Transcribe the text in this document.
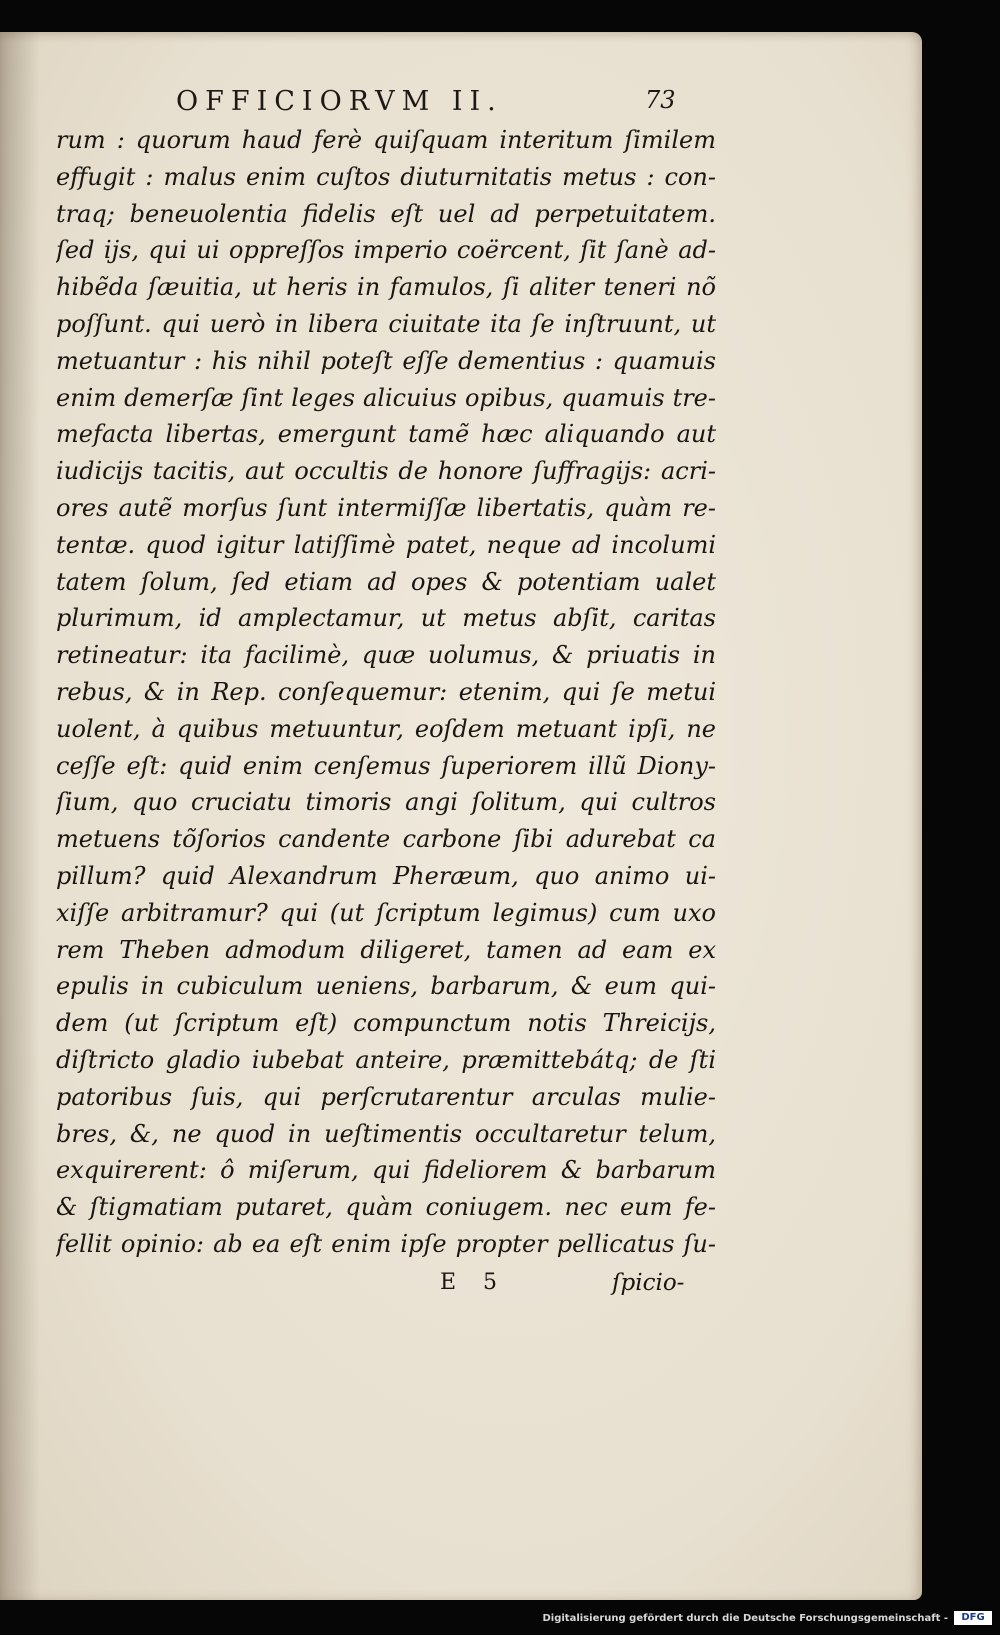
OFFICIORVM II.	73
rum : quorum haud ferè quiſquam interitum ſimilem
effugit : malus enim cuſtos diuturnitatis metus : con-
traq; beneuolentia fidelis eſt uel ad perpetuitatem.
ſed ijs, qui ui oppreſſos imperio coërcent, ſit ſanè ad-
hibẽda ſæuitia, ut heris in famulos, ſi aliter teneri nõ
poſſunt. qui uerò in libera ciuitate ita ſe inſtruunt, ut
metuantur : his nihil poteſt eſſe dementius : quamuis
enim demerſæ ſint leges alicuius opibus, quamuis tre-
mefacta libertas, emergunt tamẽ hæc aliquando aut
iudicijs tacitis, aut occultis de honore ſuffragijs: acri-
ores autẽ morſus ſunt intermiſſæ libertatis, quàm re-
tentæ. quod igitur latiſſimè patet, neque ad incolumi
tatem ſolum, ſed etiam ad opes & potentiam ualet
plurimum, id amplectamur, ut metus abſit, caritas
retineatur: ita facilimè, quæ uolumus, & priuatis in
rebus, & in Rep. conſequemur: etenim, qui ſe metui
uolent, à quibus metuuntur, eoſdem metuant ipſi, ne
ceſſe eſt: quid enim cenſemus ſuperiorem illũ Diony-
ſium, quo cruciatu timoris angi ſolitum, qui cultros
metuens tõſorios candente carbone ſibi adurebat ca
pillum? quid Alexandrum Pheræum, quo animo ui-
xiſſe arbitramur? qui (ut ſcriptum legimus) cum uxo
rem Theben admodum diligeret, tamen ad eam ex
epulis in cubiculum ueniens, barbarum, & eum qui-
dem (ut ſcriptum eſt) compunctum notis Threicijs,
diſtricto gladio iubebat anteire, præmittebátq; de ſti
patoribus ſuis, qui perſcrutarentur arculas mulie-
bres, &, ne quod in ueſtimentis occultaretur telum,
exquirerent: ô miſerum, qui fideliorem & barbarum
& ſtigmatiam putaret, quàm coniugem. nec eum fe-
fellit opinio: ab ea eſt enim ipſe propter pellicatus ſu-
E 5	ſpicio-
Digitalisierung gefördert durch die Deutsche Forschungsgemeinschaft -	DFG
